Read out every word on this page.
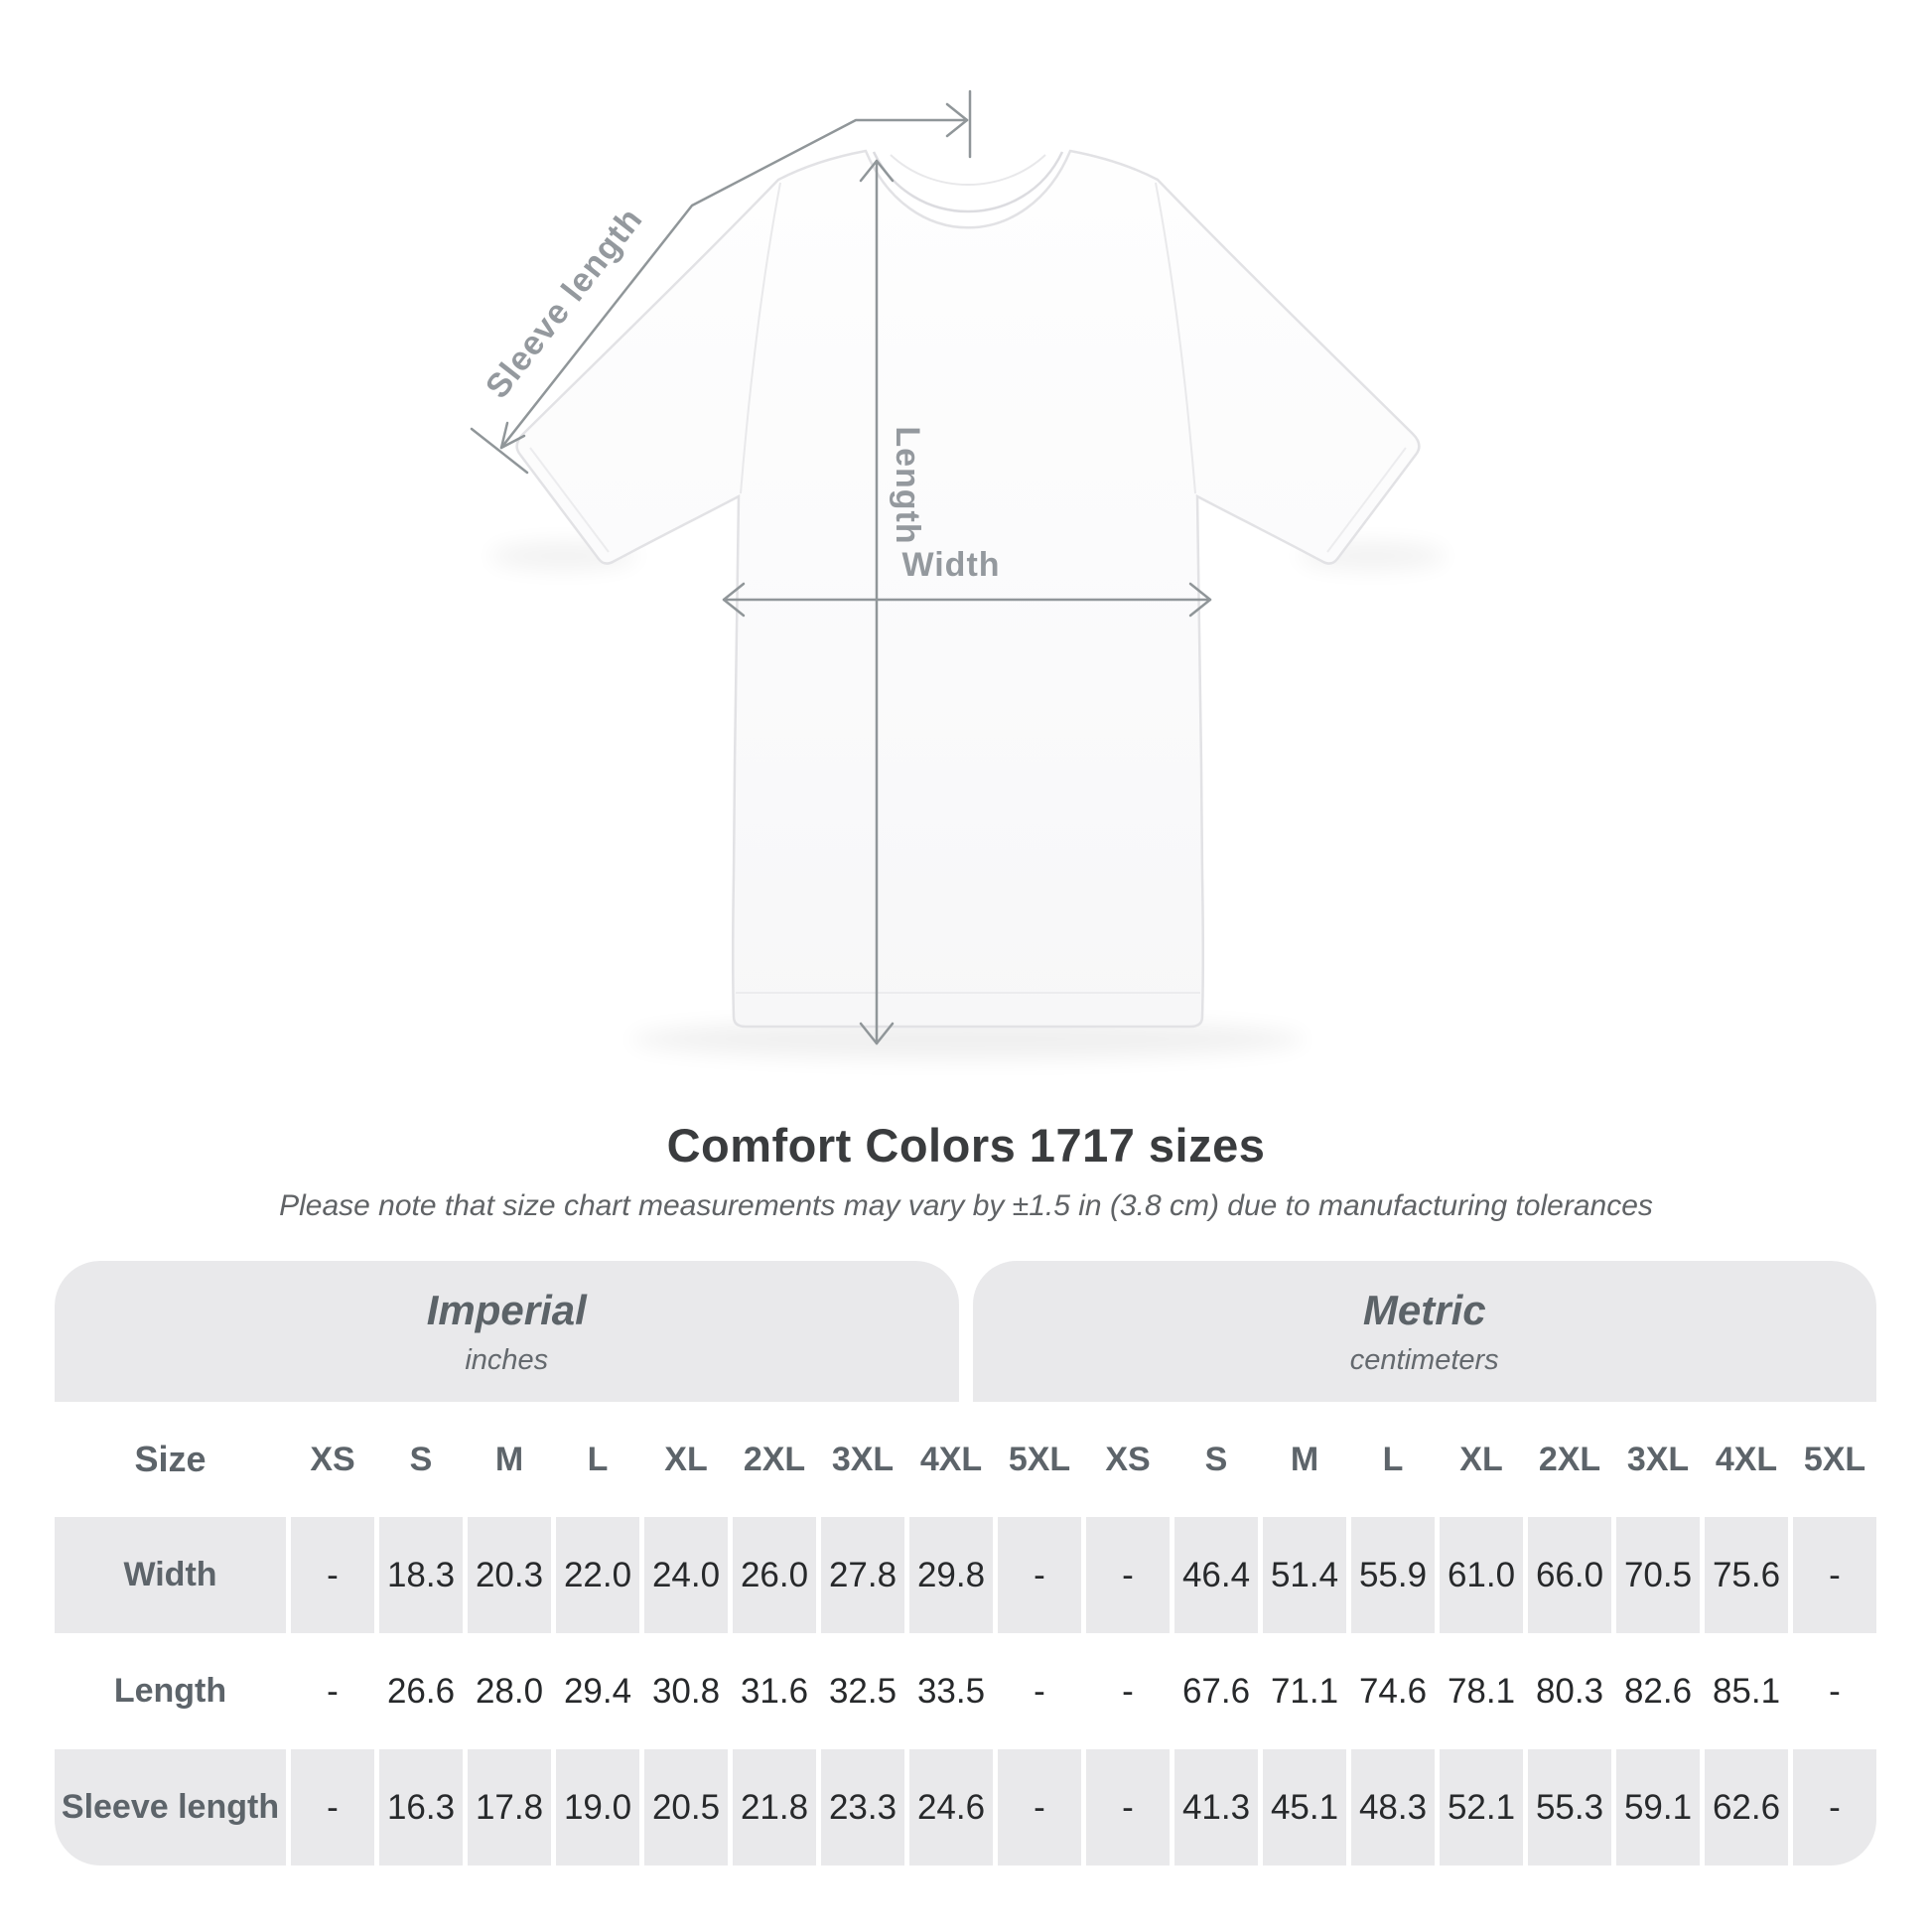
Sleeve length
Length
Width
Comfort Colors 1717 sizes
Please note that size chart measurements may vary by ±1.5 in (3.8 cm) due to manufacturing tolerances
Imperial
inches
Metric
centimeters
Size	XS	S	M	L	XL	2XL 3XL 4XL 5XL	XS	S	M	L	XL	2XL 3XL 4XL 5XL
Width	-	18.3 20.3 22.0 24.0 26.0 27.8 29.8	-	-	46.4 51.4 55.9 61.0 66.0 70.5 75.6	-
Length	-	26.6 28.0 29.4 30.8 31.6 32.5 33.5	-	-	67.6 71.1 74.6 78.1 80.3 82.6 85.1	-
Sleeve length	-	16.3 17.8 19.0 20.5 21.8 23.3 24.6	-	-	41.3 45.1 48.3 52.1 55.3 59.1 62.6	-
